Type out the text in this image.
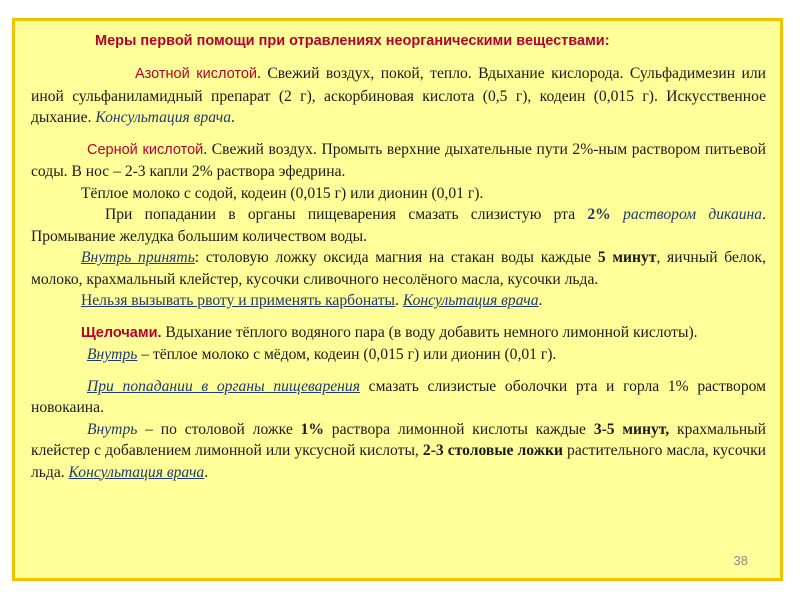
Меры первой помощи при отравлениях неорганическими веществами:

Азотной кислотой. Свежий воздух, покой, тепло. Вдыхание кислорода. Сульфадимезин или иной сульфаниламидный препарат (2 г), аскорбиновая кислота (0,5 г), кодеин (0,015 г). Искусственное дыхание. Консультация врача.

Серной кислотой. Свежий воздух. Промыть верхние дыхательные пути 2%-ным раствором питьевой соды. В нос – 2-3 капли 2% раствора эфедрина.

Тёплое молоко с содой, кодеин (0,015 г) или дионин (0,01 г).

При попадании в органы пищеварения смазать слизистую рта 2% раствором дикаина. Промывание желудка большим количеством воды.

Внутрь принять: столовую ложку оксида магния на стакан воды каждые 5 минут, яичный белок, молоко, крахмальный клейстер, кусочки сливочного несолёного масла, кусочки льда.

Нельзя вызывать рвоту и применять карбонаты. Консультация врача.

Щелочами. Вдыхание тёплого водяного пара (в воду добавить немного лимонной кислоты).

Внутрь – тёплое молоко с мёдом, кодеин (0,015 г) или дионин (0,01 г).

При попадании в органы пищеварения смазать слизистые оболочки рта и горла 1% раствором новокаина.

Внутрь – по столовой ложке 1% раствора лимонной кислоты каждые 3-5 минут, крахмальный клейстер с добавлением лимонной или уксусной кислоты, 2-3 столовые ложки растительного масла, кусочки льда. Консультация врача.

38
